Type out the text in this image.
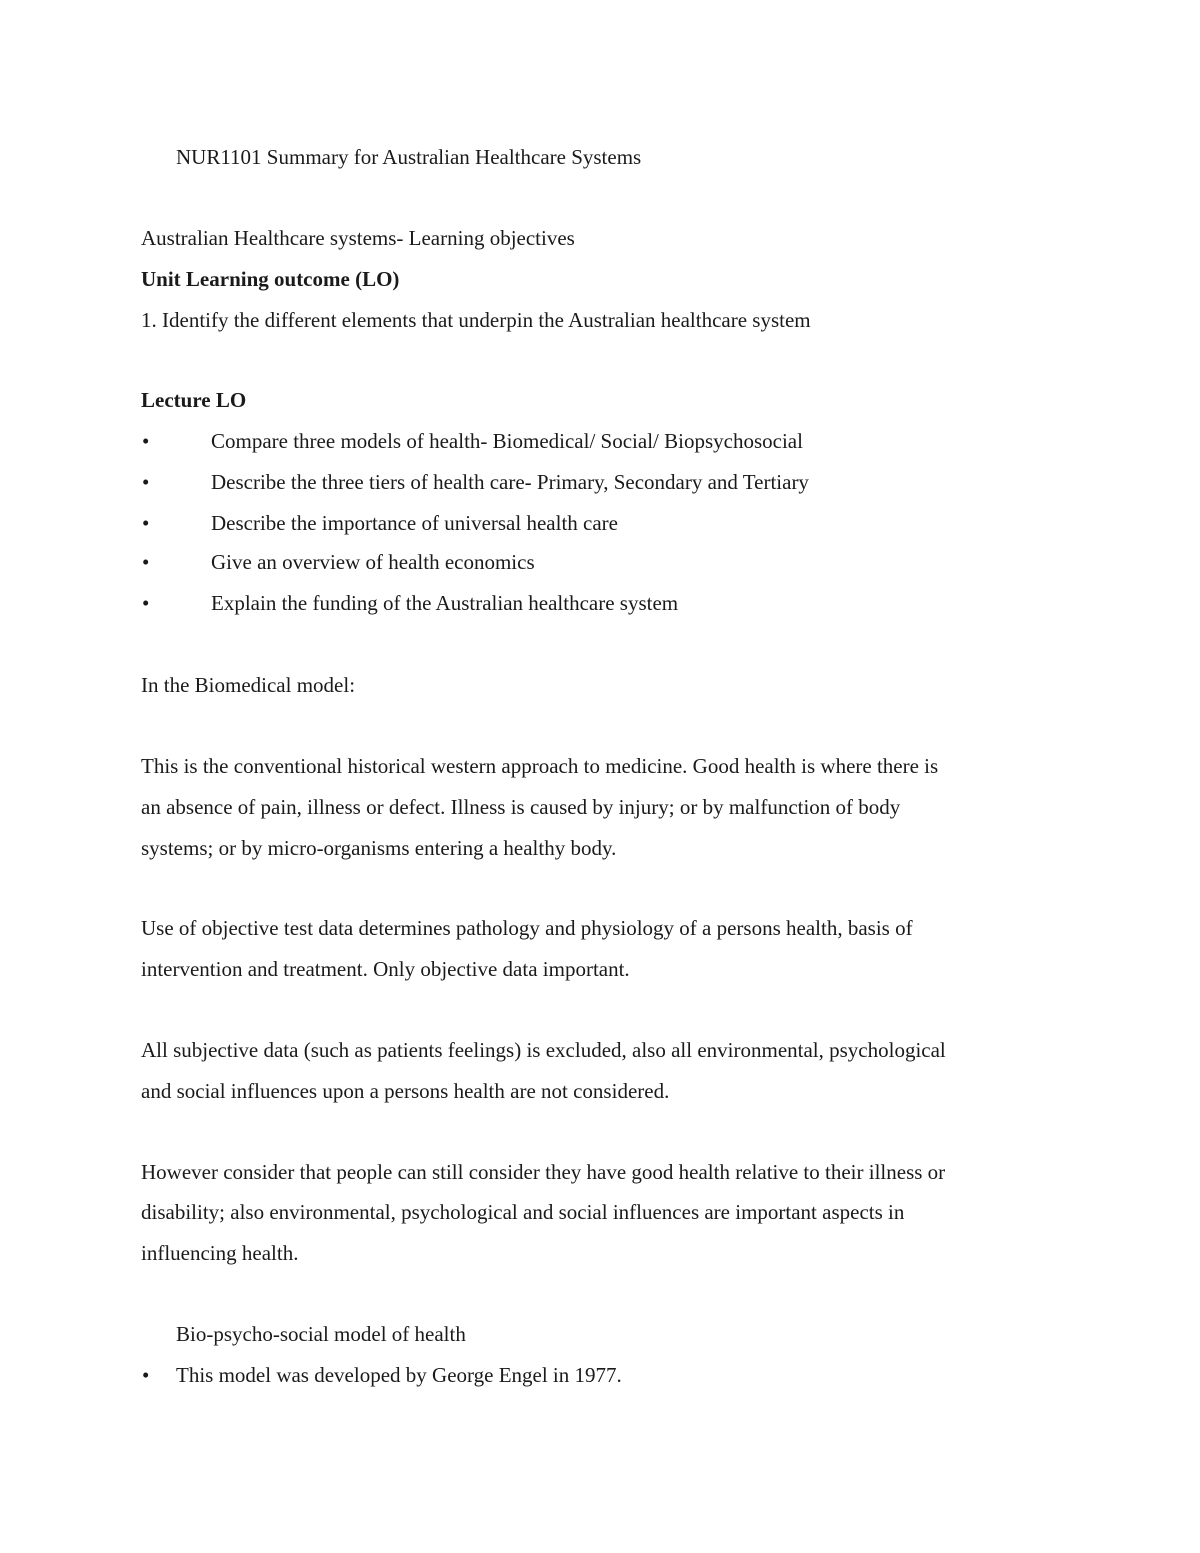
NUR1101 Summary for Australian Healthcare Systems
Australian Healthcare systems- Learning objectives
Unit Learning outcome (LO)
1. Identify the different elements that underpin the Australian healthcare system
Lecture LO
•	Compare three models of health- Biomedical/ Social/ Biopsychosocial
•	Describe the three tiers of health care- Primary, Secondary and Tertiary
•	Describe the importance of universal health care
•	Give an overview of health economics
•	Explain the funding of the Australian healthcare system
In the Biomedical model:
This is the conventional historical western approach to medicine. Good health is where there is
an absence of pain, illness or defect. Illness is caused by injury; or by malfunction of body
systems; or by micro-organisms entering a healthy body.
Use of objective test data determines pathology and physiology of a persons health, basis of
intervention and treatment. Only objective data important.
All subjective data (such as patients feelings) is excluded, also all environmental, psychological
and social influences upon a persons health are not considered.
However consider that people can still consider they have good health relative to their illness or
disability; also environmental, psychological and social influences are important aspects in
influencing health.
Bio-psycho-social model of health
• This model was developed by George Engel in 1977.
